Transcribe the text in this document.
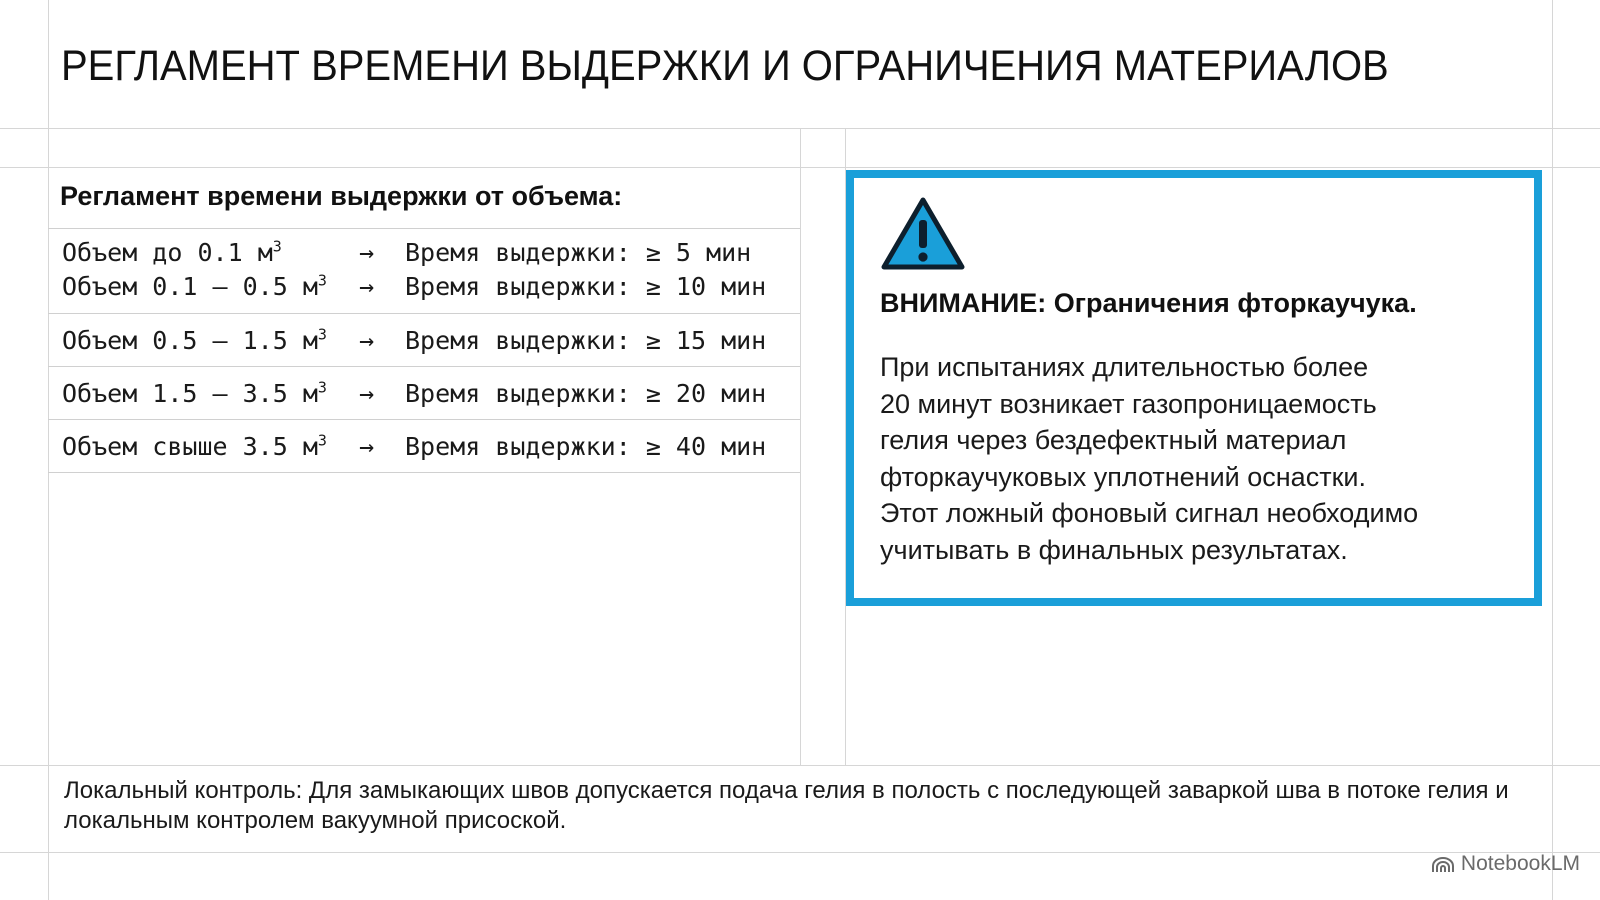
РЕГЛАМЕНТ ВРЕМЕНИ ВЫДЕРЖКИ И ОГРАНИЧЕНИЯ МАТЕРИАЛОВ
Регламент времени выдержки от объема:
Объем до 0.1 $м^3$	→	Время выдержки: ≥ 5 мин
Объем 0.1 – 0.5 $м^3$	→	Время выдержки: ≥ 10 мин
Объем 0.5 – 1.5 $м^3$	→	Время выдержки: ≥ 15 мин
Объем 1.5 – 3.5 $м^3$	→	Время выдержки: ≥ 20 мин
Объем свыше 3.5 $м^3$	→	Время выдержки: ≥ 40 мин
ВНИМАНИЕ: Ограничения фторкаучука.
При испытаниях длительностью более
20 минут возникает газопроницаемость
гелия через бездефектный материал
фторкаучуковых уплотнений оснастки.
Этот ложный фоновый сигнал необходимо
учитывать в финальных результатах.
Локальный контроль: Для замыкающих швов допускается подача гелия в полость с последующей заваркой шва в потоке гелия и локальным контролем вакуумной присоской.
NotebookLM
